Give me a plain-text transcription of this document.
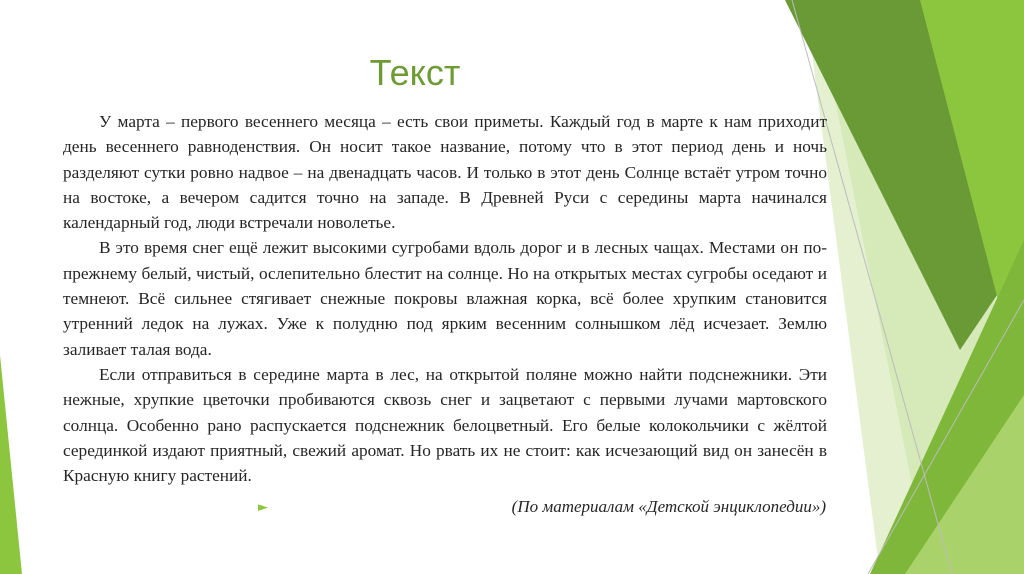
Текст

У марта – первого весеннего месяца – есть свои приметы. Каждый год в марте к нам приходит день весеннего равноденствия. Он носит такое название, потому что в этот период день и ночь разделяют сутки ровно надвое – на двенадцать часов. И только в этот день Солнце встаёт утром точно на востоке, а вечером садится точно на западе. В Древней Руси с середины марта начинался календарный год, люди встречали новолетье.

В это время снег ещё лежит высокими сугробами вдоль дорог и в лесных чащах. Местами он по-прежнему белый, чистый, ослепительно блестит на солнце. Но на открытых местах сугробы оседают и темнеют. Всё сильнее стягивает снежные покровы влажная корка, всё более хрупким становится утренний ледок на лужах. Уже к полудню под ярким весенним солнышком лёд исчезает. Землю заливает талая вода.

Если отправиться в середине марта в лес, на открытой поляне можно найти подснежники. Эти нежные, хрупкие цветочки пробиваются сквозь снег и зацветают с первыми лучами мартовского солнца. Особенно рано распускается подснежник белоцветный. Его белые колокольчики с жёлтой серединкой издают приятный, свежий аромат. Но рвать их не стоит: как исчезающий вид он занесён в Красную книгу растений.

►	(По материалам «Детской энциклопедии»)
